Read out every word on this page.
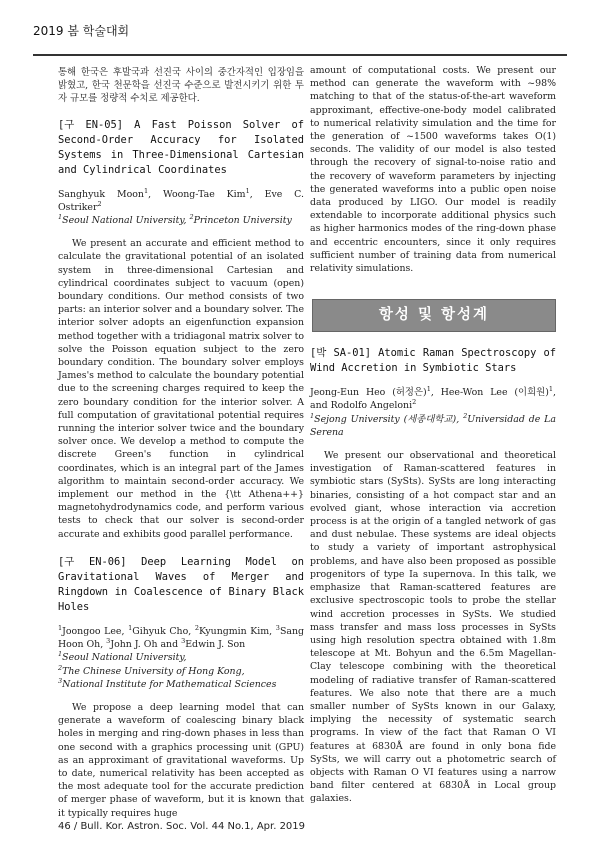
2019 봄 학술대회

통해 한국은 후발국과 선진국 사이의 중간자적인 입장임을 밝혔고, 한국 천문학을 선진국 수준으로 발전시키기 위한 투자 규모를 정량적 수치로 제공한다.

[구 EN-05] A Fast Poisson Solver of Second-Order Accuracy for Isolated Systems in Three-Dimensional Cartesian and Cylindrical Coordinates

Sanghyuk Moon$^1$, Woong-Tae Kim$^1$, Eve C. Ostriker$^2$

$^1$Seoul National University, $^2$Princeton University

We present an accurate and efficient method to calculate the gravitational potential of an isolated system in three-dimensional Cartesian and cylindrical coordinates subject to vacuum (open) boundary conditions. Our method consists of two parts: an interior solver and a boundary solver. The interior solver adopts an eigenfunction expansion method together with a tridiagonal matrix solver to solve the Poisson equation subject to the zero boundary condition. The boundary solver employs James's method to calculate the boundary potential due to the screening charges required to keep the zero boundary condition for the interior solver. A full computation of gravitational potential requires running the interior solver twice and the boundary solver once. We develop a method to compute the discrete Green's function in cylindrical coordinates, which is an integral part of the James algorithm to maintain second-order accuracy. We implement our method in the {\tt Athena++} magnetohydrodynamics code, and perform various tests to check that our solver is second-order accurate and exhibits good parallel performance.

[구 EN-06] Deep Learning Model on Gravitational Waves of Merger and Ringdown in Coalescence of Binary Black Holes

$^1$Joongoo Lee, $^1$Gihyuk Cho, $^2$Kyungmin Kim, $^3$Sang Hoon Oh, $^3$John J. Oh and $^3$Edwin J. Son

$^1$Seoul National University,

$^2$The Chinese University of Hong Kong,

$^3$National Institute for Mathematical Sciences

We propose a deep learning model that can generate a waveform of coalescing binary black holes in merging and ring-down phases in less than one second with a graphics processing unit (GPU) as an approximant of gravitational waveforms. Up to date, numerical relativity has been accepted as the most adequate tool for the accurate prediction of merger phase of waveform, but it is known that it typically requires huge

amount of computational costs. We present our method can generate the waveform with ~98% matching to that of the status-of-the-art waveform approximant, effective-one-body model calibrated to numerical relativity simulation and the time for the generation of ~1500 waveforms takes O(1) seconds. The validity of our model is also tested through the recovery of signal-to-noise ratio and the recovery of waveform parameters by injecting the generated waveforms into a public open noise data produced by LIGO. Our model is readily extendable to incorporate additional physics such as higher harmonics modes of the ring-down phase and eccentric encounters, since it only requires sufficient number of training data from numerical relativity simulations.

항성 및 항성계

[박 SA-01] Atomic Raman Spectroscopy of Wind Accretion in Symbiotic Stars

Jeong-Eun Heo (허정은)$^1$, Hee-Won Lee (이희원)$^1$, and Rodolfo Angeloni$^2$

$^1$Sejong University (세종대학교), $^2$Universidad de La Serena

We present our observational and theoretical investigation of Raman-scattered features in symbiotic stars (SySts). SySts are long interacting binaries, consisting of a hot compact star and an evolved giant, whose interaction via accretion process is at the origin of a tangled network of gas and dust nebulae. These systems are ideal objects to study a variety of important astrophysical problems, and have also been proposed as possible progenitors of type Ia supernova. In this talk, we emphasize that Raman-scattered features are exclusive spectroscopic tools to probe the stellar wind accretion processes in SySts. We studied mass transfer and mass loss processes in SySts using high resolution spectra obtained with 1.8m telescope at Mt. Bohyun and the 6.5m Magellan-Clay telescope combining with the theoretical modeling of radiative transfer of Raman-scattered features. We also note that there are a much smaller number of SySts known in our Galaxy, implying the necessity of systematic search programs. In view of the fact that Raman O VI features at 6830Å are found in only bona fide SySts, we will carry out a photometric search of objects with Raman O VI features using a narrow band filter centered at 6830Å in Local group galaxies.

46 / Bull. Kor. Astron. Soc. Vol. 44 No.1, Apr. 2019
